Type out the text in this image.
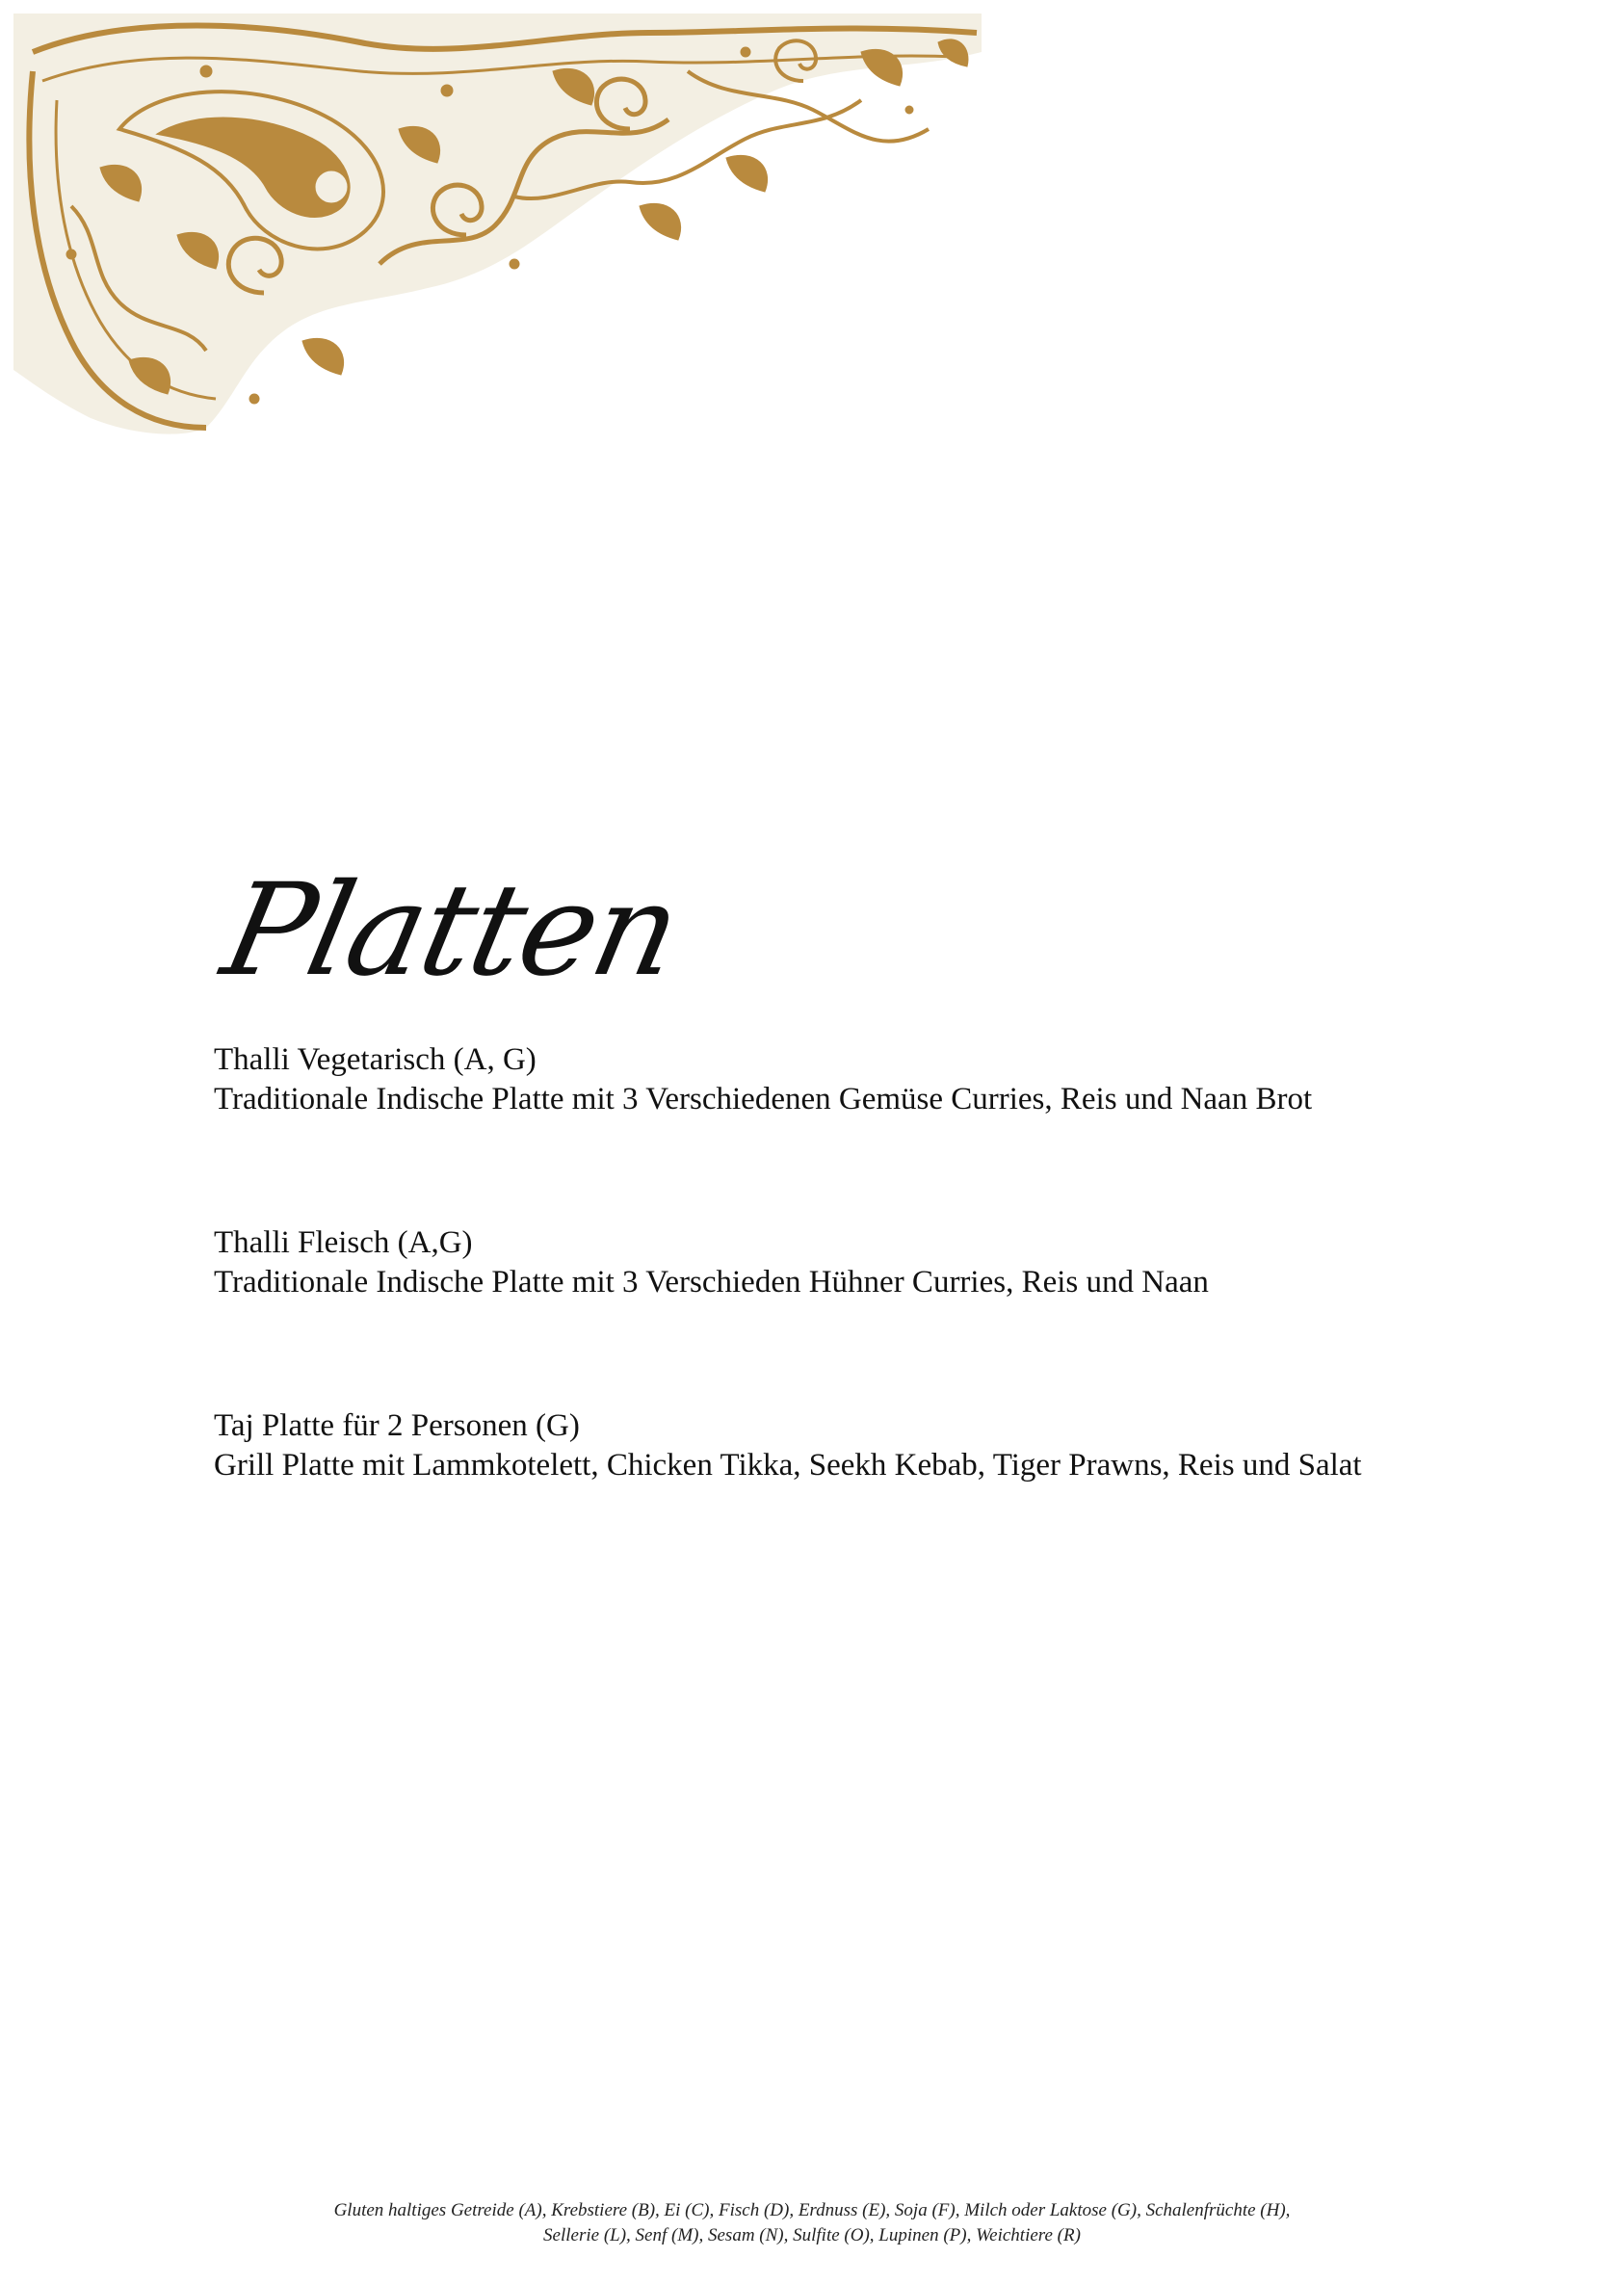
Platten
Thalli Vegetarisch (A, G)
Traditionale Indische Platte mit 3 Verschiedenen Gemüse Curries, Reis und Naan Brot
Thalli Fleisch (A,G)
Traditionale Indische Platte mit 3 Verschieden Hühner Curries, Reis und Naan
Taj Platte für 2 Personen (G)
Grill Platte mit Lammkotelett, Chicken Tikka, Seekh Kebab, Tiger Prawns, Reis und Salat
Gluten haltiges Getreide (A), Krebstiere (B), Ei (C), Fisch (D), Erdnuss (E), Soja (F), Milch oder Laktose (G), Schalenfrüchte (H),
Sellerie (L), Senf (M), Sesam (N), Sulfite (O), Lupinen (P), Weichtiere (R)
